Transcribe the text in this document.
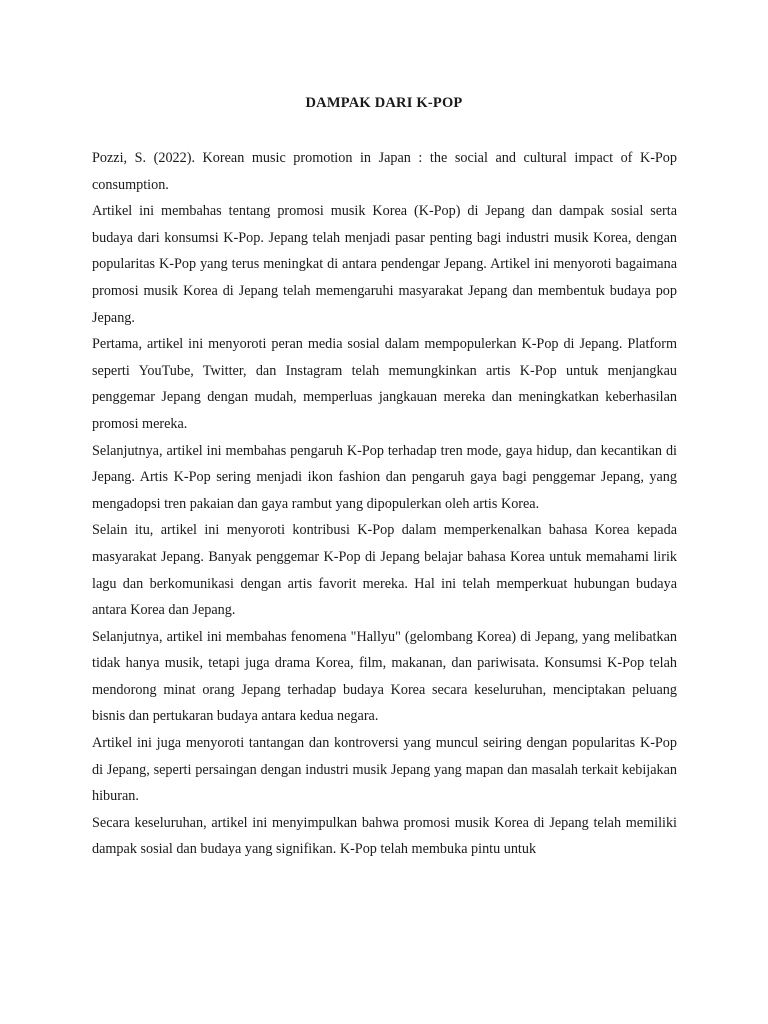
DAMPAK DARI K-POP

Pozzi, S. (2022). Korean music promotion in Japan : the social and cultural impact of K-Pop consumption.

Artikel ini membahas tentang promosi musik Korea (K-Pop) di Jepang dan dampak sosial serta budaya dari konsumsi K-Pop. Jepang telah menjadi pasar penting bagi industri musik Korea, dengan popularitas K-Pop yang terus meningkat di antara pendengar Jepang. Artikel ini menyoroti bagaimana promosi musik Korea di Jepang telah memengaruhi masyarakat Jepang dan membentuk budaya pop Jepang.

Pertama, artikel ini menyoroti peran media sosial dalam mempopulerkan K-Pop di Jepang. Platform seperti YouTube, Twitter, dan Instagram telah memungkinkan artis K-Pop untuk menjangkau penggemar Jepang dengan mudah, memperluas jangkauan mereka dan meningkatkan keberhasilan promosi mereka.

Selanjutnya, artikel ini membahas pengaruh K-Pop terhadap tren mode, gaya hidup, dan kecantikan di Jepang. Artis K-Pop sering menjadi ikon fashion dan pengaruh gaya bagi penggemar Jepang, yang mengadopsi tren pakaian dan gaya rambut yang dipopulerkan oleh artis Korea.

Selain itu, artikel ini menyoroti kontribusi K-Pop dalam memperkenalkan bahasa Korea kepada masyarakat Jepang. Banyak penggemar K-Pop di Jepang belajar bahasa Korea untuk memahami lirik lagu dan berkomunikasi dengan artis favorit mereka. Hal ini telah memperkuat hubungan budaya antara Korea dan Jepang.

Selanjutnya, artikel ini membahas fenomena "Hallyu" (gelombang Korea) di Jepang, yang melibatkan tidak hanya musik, tetapi juga drama Korea, film, makanan, dan pariwisata. Konsumsi K-Pop telah mendorong minat orang Jepang terhadap budaya Korea secara keseluruhan, menciptakan peluang bisnis dan pertukaran budaya antara kedua negara.

Artikel ini juga menyoroti tantangan dan kontroversi yang muncul seiring dengan popularitas K-Pop di Jepang, seperti persaingan dengan industri musik Jepang yang mapan dan masalah terkait kebijakan hiburan.

Secara keseluruhan, artikel ini menyimpulkan bahwa promosi musik Korea di Jepang telah memiliki dampak sosial dan budaya yang signifikan. K-Pop telah membuka pintu untuk
